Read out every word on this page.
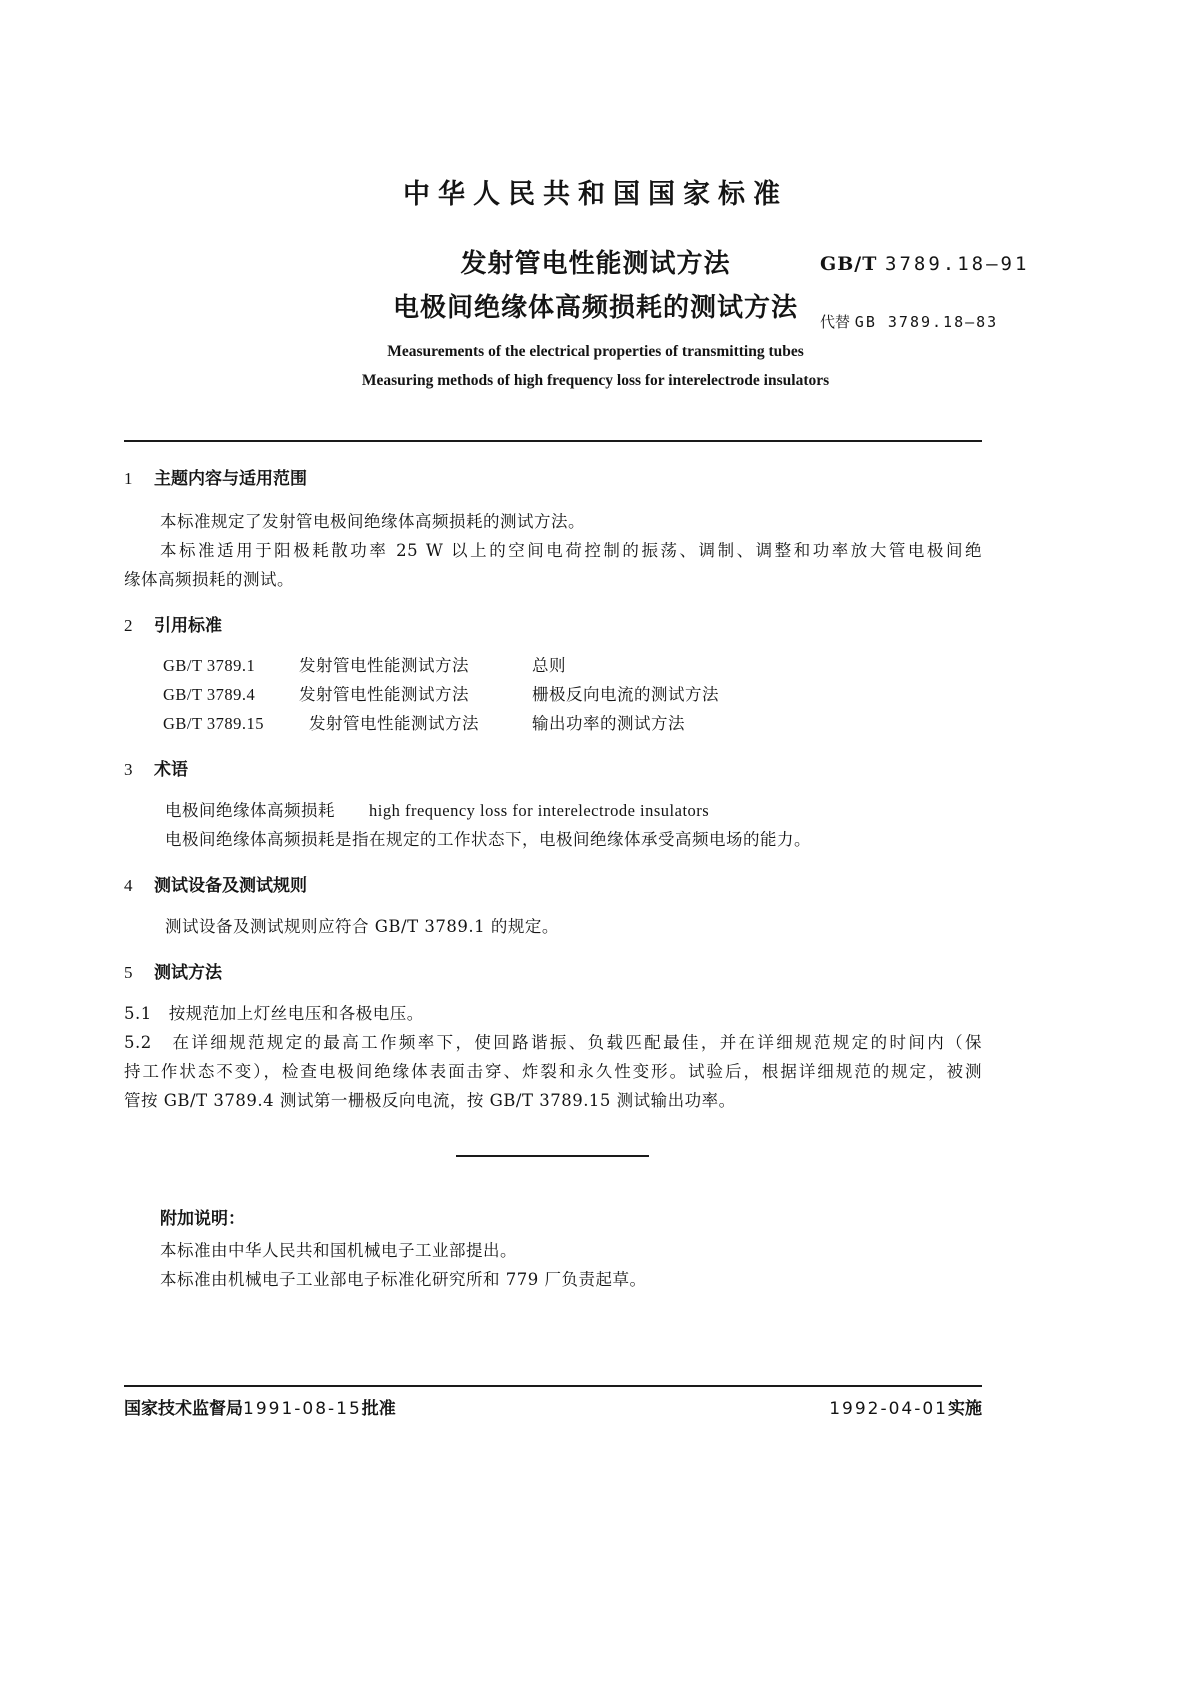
中华人民共和国国家标准
发射管电性能测试方法
电极间绝缘体高频损耗的测试方法
GB/T 3789.18—91
代替 GB 3789.18—83
Measurements of the electrical properties of transmitting tubes
Measuring methods of high frequency loss for interelectrode insulators
1 主题内容与适用范围
本标准规定了发射管电极间绝缘体高频损耗的测试方法。
本标准适用于阳极耗散功率 25 W 以上的空间电荷控制的振荡、调制、调整和功率放大管电极间绝
缘体高频损耗的测试。
2 引用标准
GB/T 3789.1	发射管电性能测试方法	总则
GB/T 3789.4	发射管电性能测试方法	栅极反向电流的测试方法
GB/T 3789.15	发射管电性能测试方法	输出功率的测试方法
3 术语
电极间绝缘体高频损耗 high frequency loss for interelectrode insulators
电极间绝缘体高频损耗是指在规定的工作状态下，电极间绝缘体承受高频电场的能力。
4 测试设备及测试规则
测试设备及测试规则应符合 GB/T 3789.1 的规定。
5 测试方法
5.1　按规范加上灯丝电压和各极电压。
5.2　在详细规范规定的最高工作频率下，使回路谐振、负载匹配最佳，并在详细规范规定的时间内（保
持工作状态不变），检查电极间绝缘体表面击穿、炸裂和永久性变形。试验后，根据详细规范的规定，被测
管按 GB/T 3789.4 测试第一栅极反向电流，按 GB/T 3789.15 测试输出功率。
附加说明：
本标准由中华人民共和国机械电子工业部提出。
本标准由机械电子工业部电子标准化研究所和 779 厂负责起草。
国家技术监督局1991-08-15批准	1992-04-01实施
